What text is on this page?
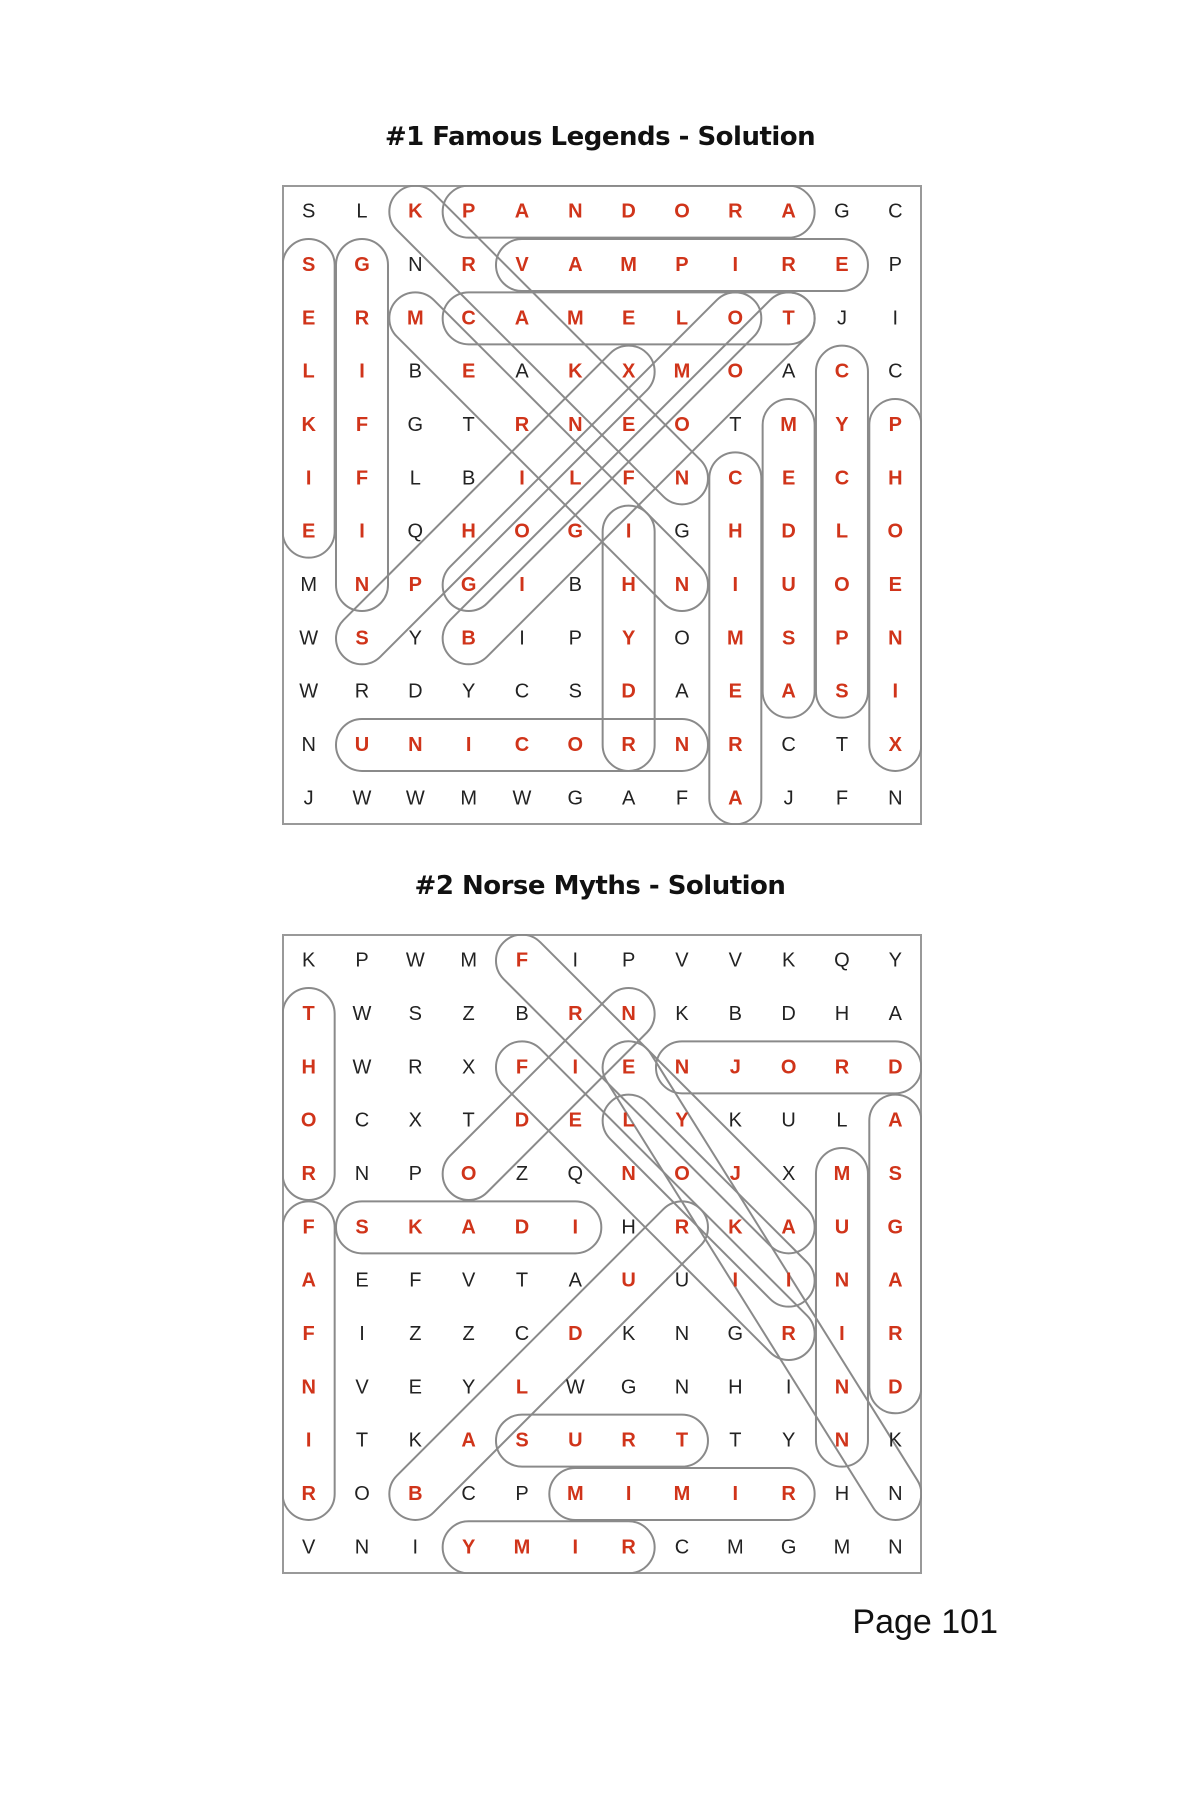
#1 Famous Legends - Solution
S L K P A N D O R A G C
S G N R V A M P I R E P
E R M C A M E L O T J I
L I B E A K X M O A C C
K F G T R N E O T M Y P
I F L B I L F N C E C H
E I Q H O G I G H D L O
M N P G I B H N I U O E
W S Y B I P Y O M S P N
W R D Y C S D A E A S I
N U N I C O R N R C T X
J W W M W G A F A J F N
#2 Norse Myths - Solution
K P W M F I P V V K Q Y
T W S Z B R N K B D H A
H W R X F I E N J O R D
O C X T D E L Y K U L A
R N P O Z Q N O J X M S
F S K A D I H R K A U G
A E F V T A U U I I N A
F I Z Z C D K N G R I R
N V E Y L W G N H I N D
I T K A S U R T T Y N K
R O B C P M I M I R H N
V N I Y M I R C M G M N
Page 101
